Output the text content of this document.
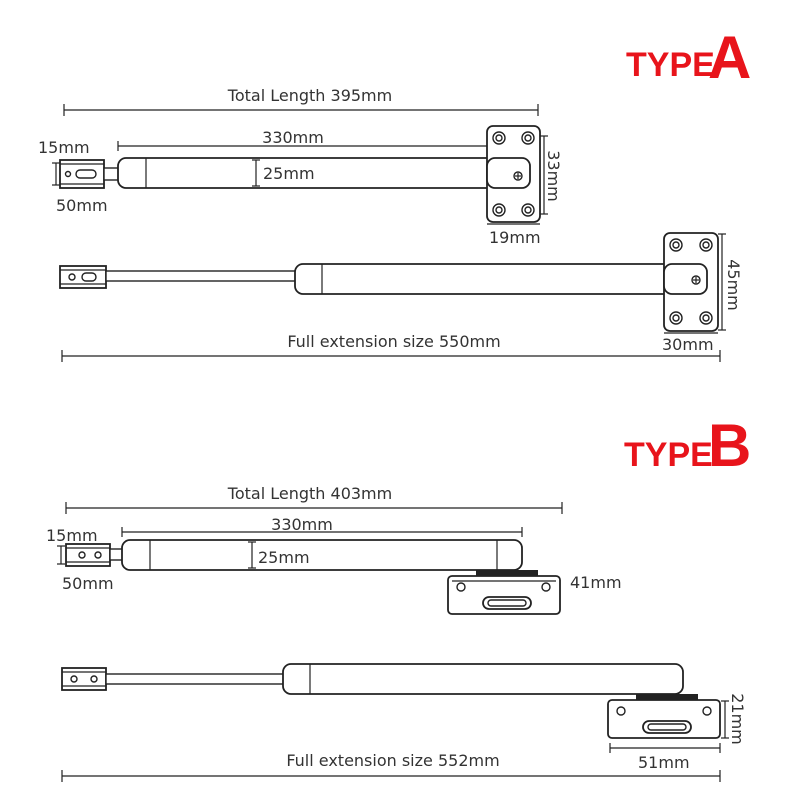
TYPE
A
Total Length 395mm
330mm
15mm
50mm
25mm	33mm
19mm
45mm
30mm
Full extension size 550mm
TYPE
B
Total Length 403mm
330mm
15mm
50mm
25mm
41mm
21mm
51mm
Full extension size 552mm
